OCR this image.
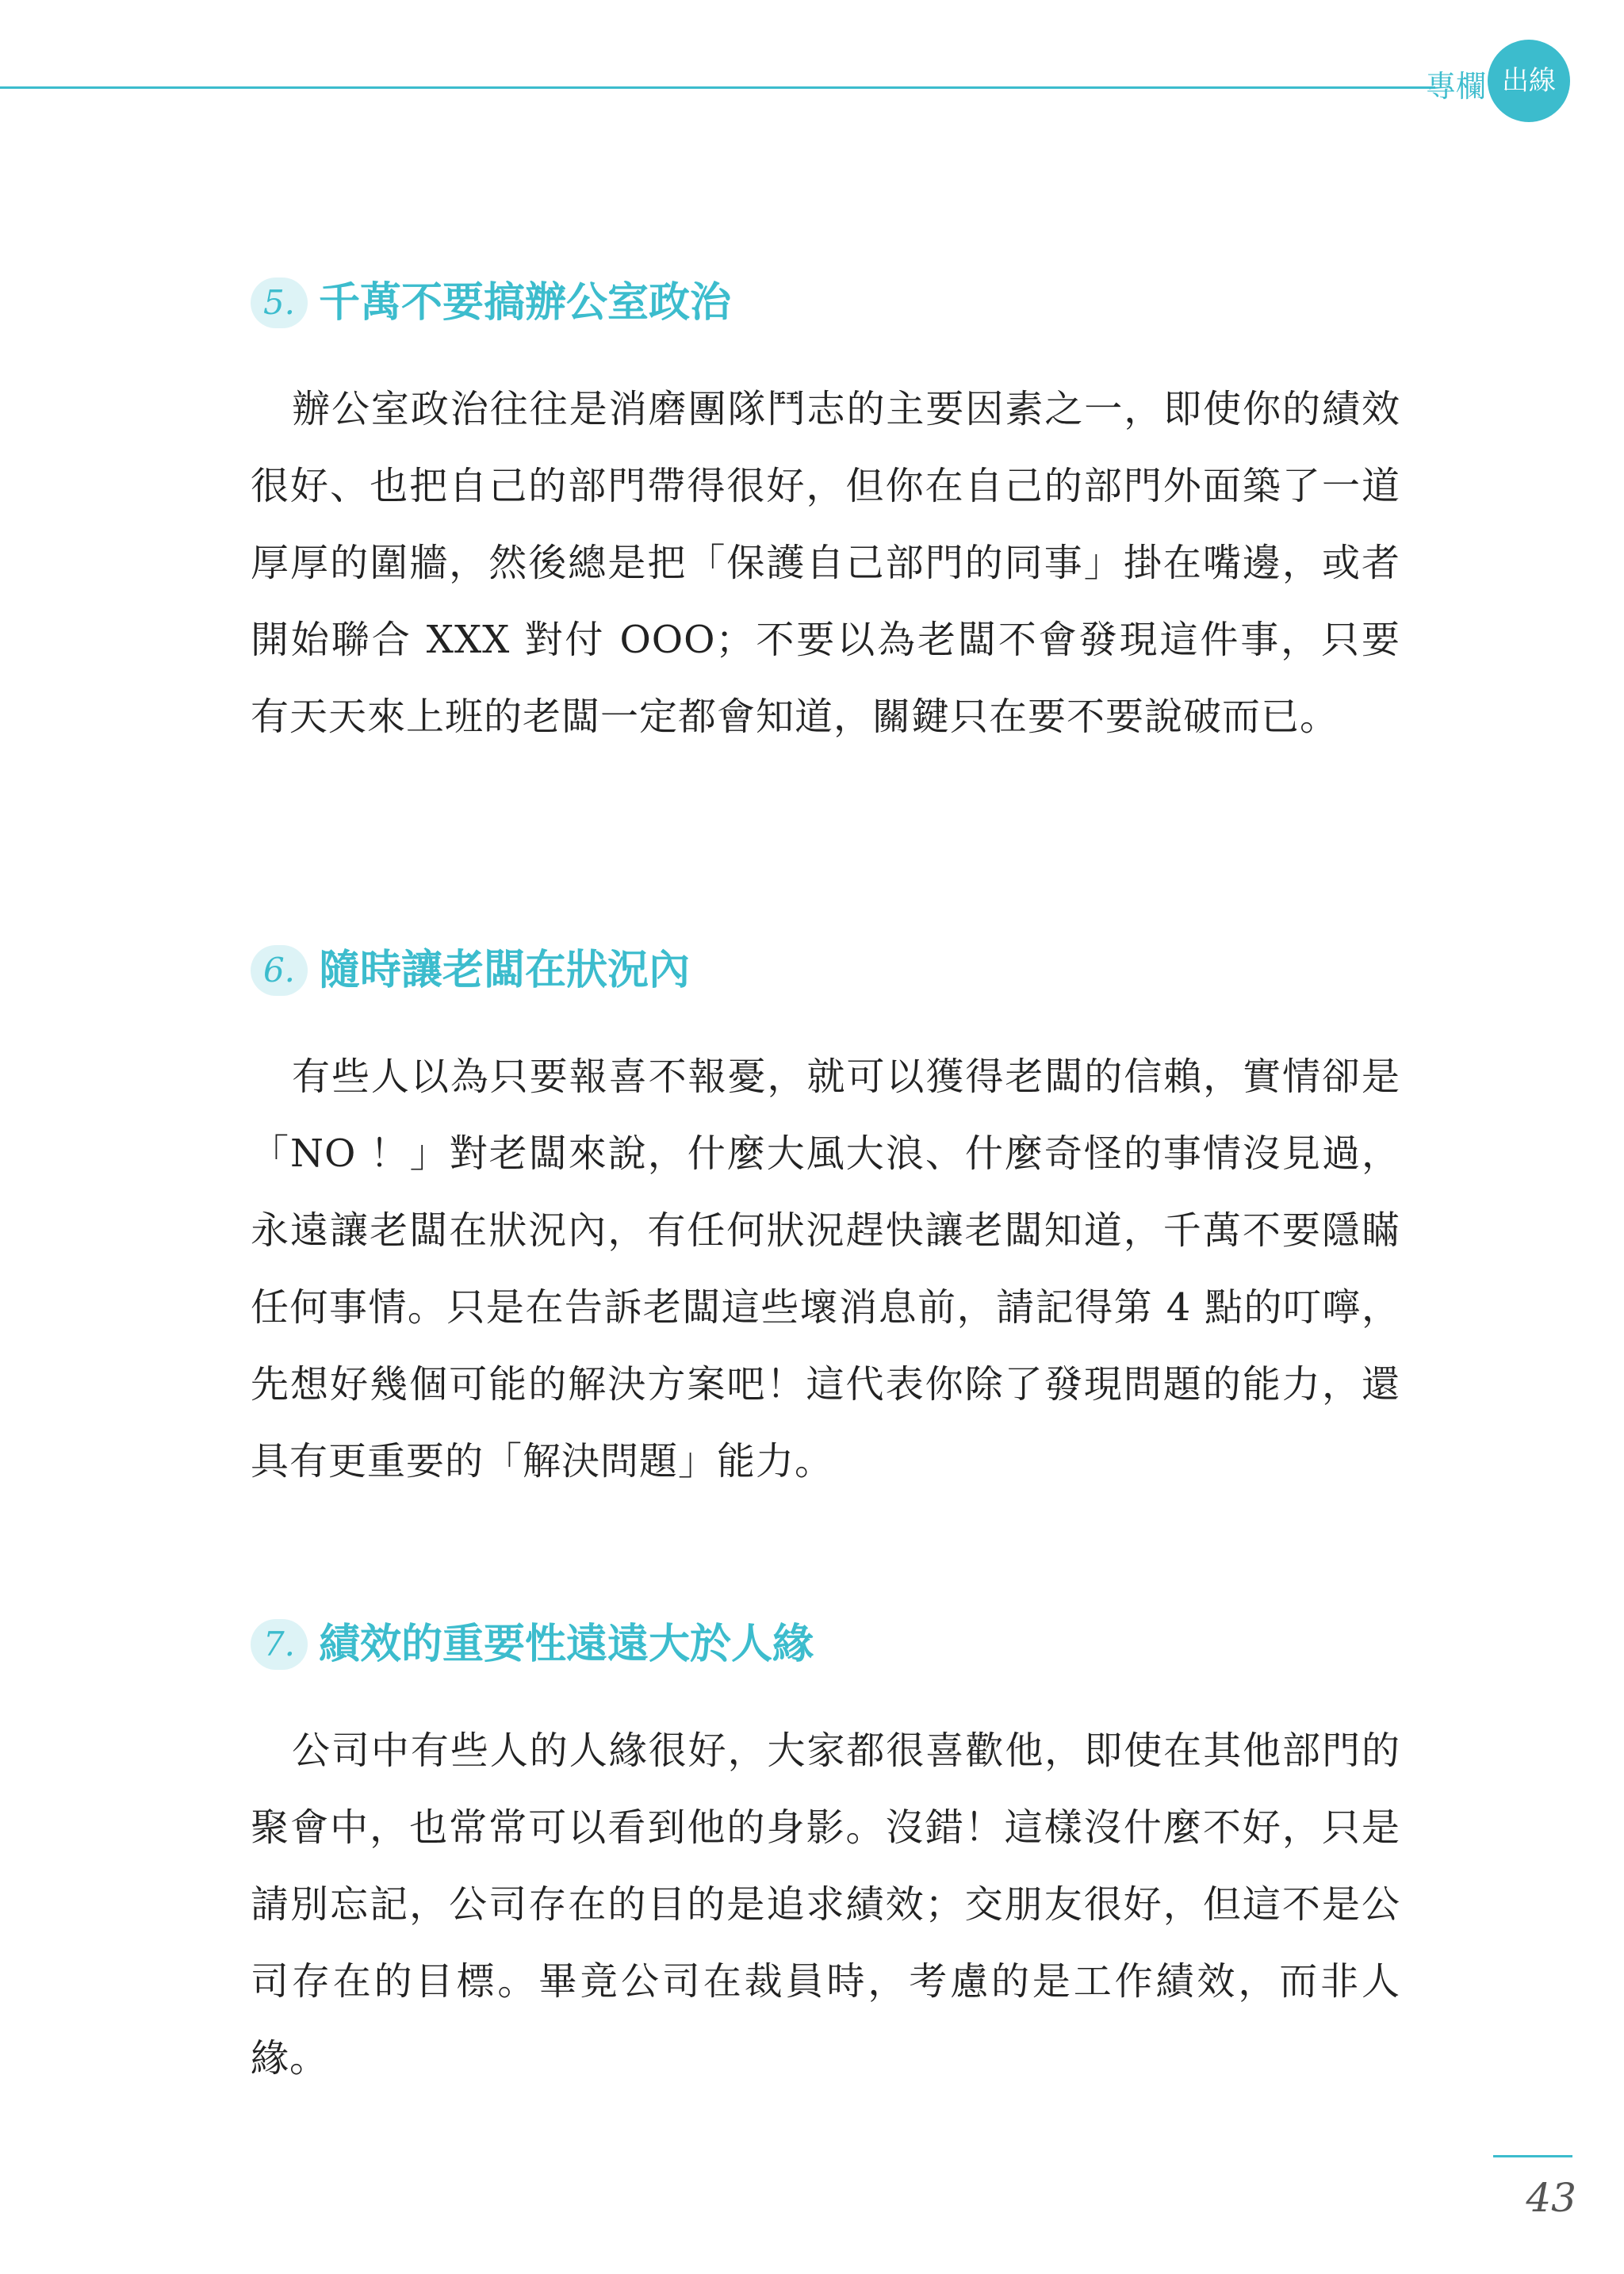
專欄 出線
5. 千萬不要搞辦公室政治

辦公室政治往往是消磨團隊鬥志的主要因素之一，即使你的績效很好、也把自己的部門帶得很好，但你在自己的部門外面築了一道厚厚的圍牆，然後總是把「保護自己部門的同事」掛在嘴邊，或者開始聯合 XXX 對付 OOO；不要以為老闆不會發現這件事，只要有天天來上班的老闆一定都會知道，關鍵只在要不要說破而已。

6. 隨時讓老闆在狀況內

有些人以為只要報喜不報憂，就可以獲得老闆的信賴，實情卻是「NO ！」對老闆來說，什麼大風大浪、什麼奇怪的事情沒見過，永遠讓老闆在狀況內，有任何狀況趕快讓老闆知道，千萬不要隱瞞任何事情。只是在告訴老闆這些壞消息前，請記得第 4 點的叮嚀，先想好幾個可能的解決方案吧！這代表你除了發現問題的能力，還具有更重要的「解決問題」能力。

7. 績效的重要性遠遠大於人緣

公司中有些人的人緣很好，大家都很喜歡他，即使在其他部門的聚會中，也常常可以看到他的身影。沒錯！這樣沒什麼不好，只是請別忘記，公司存在的目的是追求績效；交朋友很好，但這不是公司存在的目標。畢竟公司在裁員時，考慮的是工作績效，而非人緣。

43
